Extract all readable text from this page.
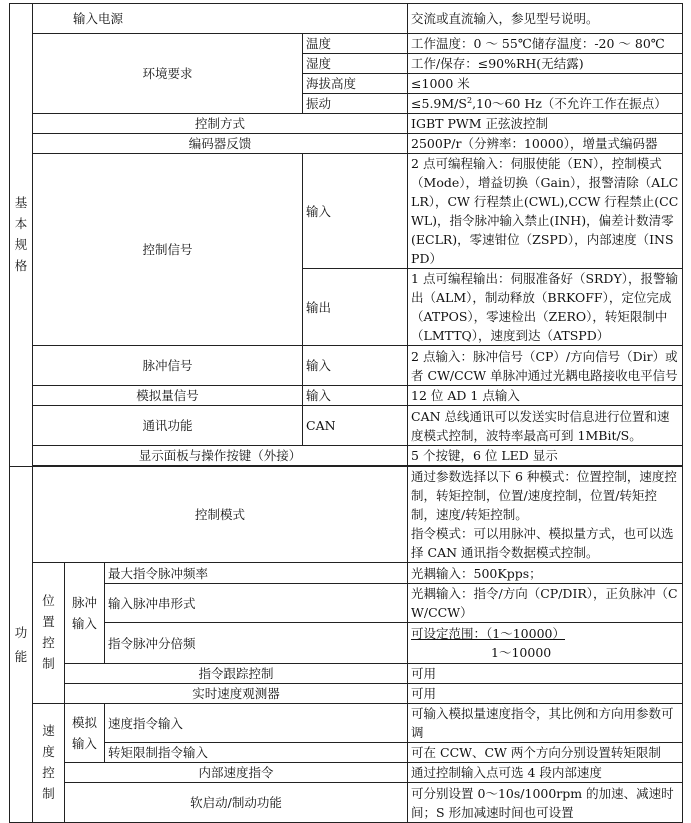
基本规格	输入电源				交流或直流输入，参见型号说明。
	环境要求			温度	工作温度：0 ～ 55℃储存温度：-20 ～ 80℃
				湿度	工作/保存：≤90%RH(无结露)
				海拔高度	≤1000 米
				振动	$\le 5.9M/S^2,10\sim 60$ Hz（不允许工作在振点）
	控制方式				IGBT PWM 正弦波控制
	编码器反馈				2500P/r（分辨率：10000），增量式编码器
	控制信号			输入	2 点可编程输入：伺服使能（EN），控制模式（Mode），增益切换（Gain），报警清除（ALCLR），CW 行程禁止(CWL),CCW 行程禁止(CCWL)，指令脉冲输入禁止(INH)，偏差计数清零(ECLR)，零速钳位（ZSPD），内部速度（INSPD）
				输出	1 点可编程输出：伺服准备好（SRDY），报警输出（ALM），制动释放（BRKOFF），定位完成（ATPOS），零速检出（ZERO），转矩限制中（LMTTQ），速度到达（ATSPD）
	脉冲信号			输入	2 点输入：脉冲信号（CP）/方向信号（Dir）或者 CW/CCW 单脉冲通过光耦电路接收电平信号
	模拟量信号			输入	12 位 AD 1 点输入
	通讯功能			CAN	CAN 总线通讯可以发送实时信息进行位置和速度模式控制，波特率最高可到 1MBit/S。
	显示面板与操作按键（外接）				5 个按键，6 位 LED 显示

功能	控制模式				通过参数选择以下 6 种模式：位置控制，速度控制，转矩控制，位置/速度控制，位置/转矩控制，速度/转矩控制。
指令模式：可以用脉冲、模拟量方式，也可以选择 CAN 通讯指令数据模式控制。

	位置控制	脉冲输入	最大指令脉冲频率		光耦输入：500Kpps；
			输入脉冲串形式		光耦输入：指令/方向（CP/DIR），正负脉冲（CW/CCW）
			指令脉冲分倍频		可设定范围：（1～10000）
1～10000

		指令跟踪控制			可用
		实时速度观测器			可用
	速度控制	模拟输入	速度指令输入		可输入模拟量速度指令，其比例和方向用参数可调
			转矩限制指令输入		可在 CCW、CW 两个方向分别设置转矩限制
		内部速度指令			通过控制输入点可选 4 段内部速度
		软启动/制动功能			可分别设置 0～10s/1000rpm 的加速、减速时间；S 形加减速时间也可设置
